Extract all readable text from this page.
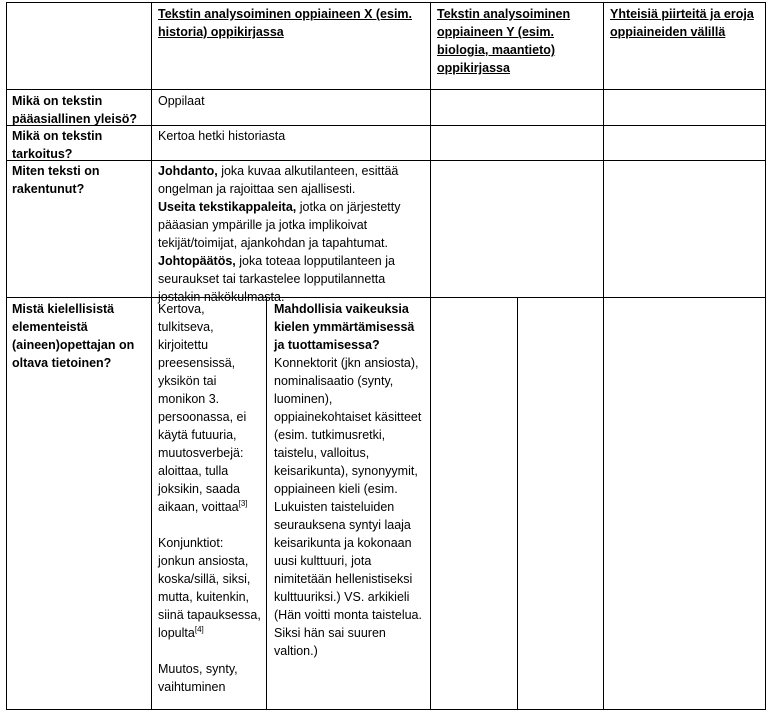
Tekstin analysoiminen oppiaineen X (esim. historia) oppikirjassa
Tekstin analysoiminen oppiaineen Y (esim. biologia, maantieto) oppikirjassa
Yhteisiä piirteitä ja eroja oppiaineiden välillä
Mikä on tekstin pääasiallinen yleisö?
Oppilaat
Mikä on tekstin tarkoitus?
Kertoa hetki historiasta
Miten teksti on rakentunut?

Johdanto, joka kuvaa alkutilanteen, esittää ongelman ja rajoittaa sen ajallisesti.

Useita tekstikappaleita, jotka on järjestetty pääasian ympärille ja jotka implikoivat tekijät/toimijat, ajankohdan ja tapahtumat.

Johtopäätös, joka toteaa lopputilanteen ja seuraukset tai tarkastelee lopputilannetta jostakin näkökulmasta.

Mistä kielellisistä elementeistä (aineen)opettajan on oltava tietoinen?

Kertova, tulkitseva, kirjoitettu preesensissä, yksikön tai monikon 3. persoonassa, ei käytä futuuria, muutosverbejä: aloittaa, tulla joksikin, saada aikaan, voittaa[3]

Konjunktiot: jonkun ansiosta, koska/sillä, siksi, mutta, kuitenkin, siinä tapauksessa, lopulta[4]

Muutos, synty, vaihtuminen

Mahdollisia vaikeuksia kielen ymmärtämisessä ja tuottamisessa?

Konnektorit (jkn ansiosta), nominalisaatio (synty, luominen), oppiainekohtaiset käsitteet (esim. tutkimusretki, taistelu, valloitus, keisarikunta), synonyymit, oppiaineen kieli (esim. Lukuisten taisteluiden seurauksena syntyi laaja keisarikunta ja kokonaan uusi kulttuuri, jota nimitetään hellenistiseksi kulttuuriksi.) VS. arkikieli (Hän voitti monta taistelua. Siksi hän sai suuren valtion.)
